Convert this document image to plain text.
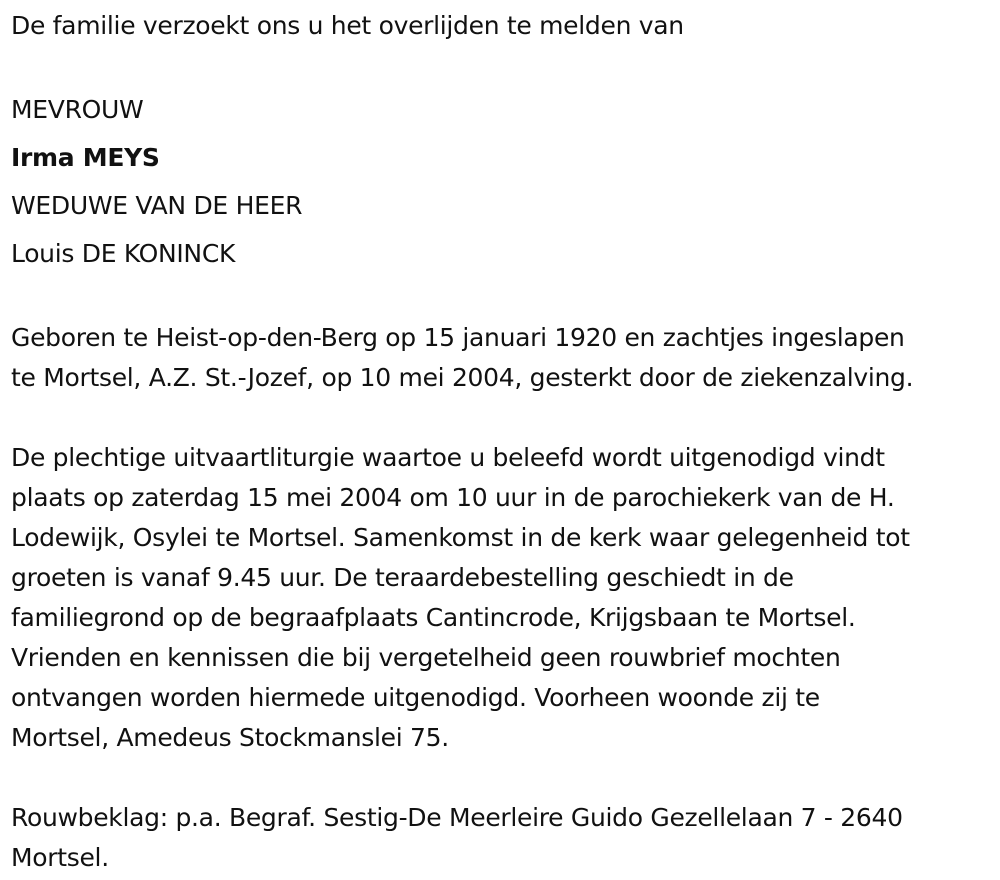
De familie verzoekt ons u het overlijden te melden van
MEVROUW
Irma MEYS
WEDUWE VAN DE HEER
Louis DE KONINCK
Geboren te Heist-op-den-Berg op 15 januari 1920 en zachtjes ingeslapen
te Mortsel, A.Z. St.-Jozef, op 10 mei 2004, gesterkt door de ziekenzalving.
De plechtige uitvaartliturgie waartoe u beleefd wordt uitgenodigd vindt
plaats op zaterdag 15 mei 2004 om 10 uur in de parochiekerk van de H.
Lodewijk, Osylei te Mortsel. Samenkomst in de kerk waar gelegenheid tot
groeten is vanaf 9.45 uur. De teraardebestelling geschiedt in de
familiegrond op de begraafplaats Cantincrode, Krijgsbaan te Mortsel.
Vrienden en kennissen die bij vergetelheid geen rouwbrief mochten
ontvangen worden hiermede uitgenodigd. Voorheen woonde zij te
Mortsel, Amedeus Stockmanslei 75.
Rouwbeklag: p.a. Begraf. Sestig-De Meerleire Guido Gezellelaan 7 - 2640
Mortsel.
